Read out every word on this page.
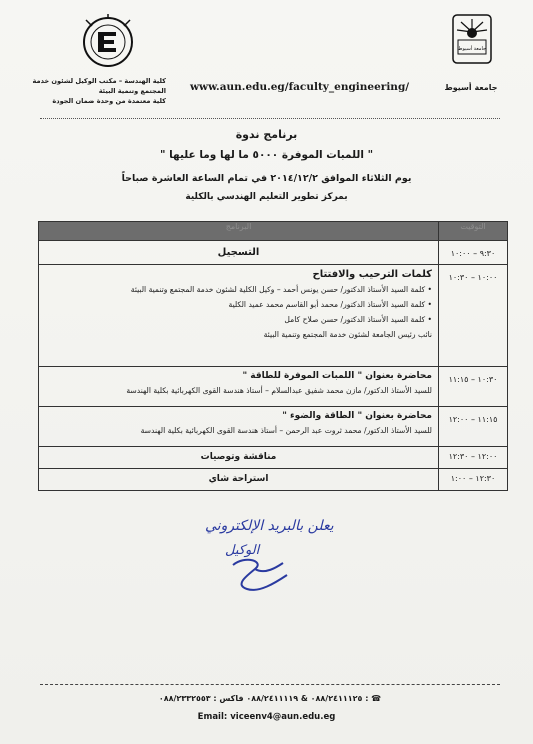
جامعة أسيوط
جامعة أسيوط
كلية الهندسة – مكتب الوكيل لشئون خدمة
المجتمع وتنمية البيئة
كلية معتمدة من وحدة ضمان الجودة
www.aun.edu.eg/faculty_engineering/
برنامج ندوة
" اللمبات الموفرة ٥٠٠٠ ما لها وما عليها "
يوم الثلاثاء الموافق ٢٠١٤/١٢/٢ في تمام الساعة العاشرة صباحاً
بمركز تطوير التعليم الهندسي بالكلية
التوقيت	البرنامج
٩:٣٠ – ١٠:٠٠	التسجيل

١٠:٠٠ – ١٠:٣٠	كلمات الترحيب والافتتاح
• كلمة السيد الأستاذ الدكتور/ حسن يونس أحمد – وكيل الكلية لشئون خدمة المجتمع وتنمية البيئة
• كلمة السيد الأستاذ الدكتور/ محمد أبو القاسم محمد عميد الكلية
• كلمة السيد الأستاذ الدكتور/ حسن صلاح كامل
نائب رئيس الجامعة لشئون خدمة المجتمع وتنمية البيئة

١٠:٣٠ – ١١:١٥	محاضرة بعنوان " اللمبات الموفرة للطاقة "
للسيد الأستاذ الدكتور/ مازن محمد شفيق عبدالسلام – أستاذ هندسة القوى الكهربائية بكلية الهندسة

١١:١٥ – ١٢:٠٠	محاضرة بعنوان " الطاقة والضوء "
للسيد الأستاذ الدكتور/ محمد ثروت عبد الرحمن – أستاذ هندسة القوى الكهربائية بكلية الهندسة

١٢:٠٠ – ١٢:٣٠	مناقشة وتوصيات

١٢:٣٠ – ١:٠٠	استراحة شاي
يعلن بالبريد الإلكتروني
الوكيل
☎ : ٠٨٨/٢٤١١١٢٥ & ٠٨٨/٢٤١١١١٩ فاكس : ٠٨٨/٢٣٣٢٥٥٣
Email: viceenv4@aun.edu.eg
